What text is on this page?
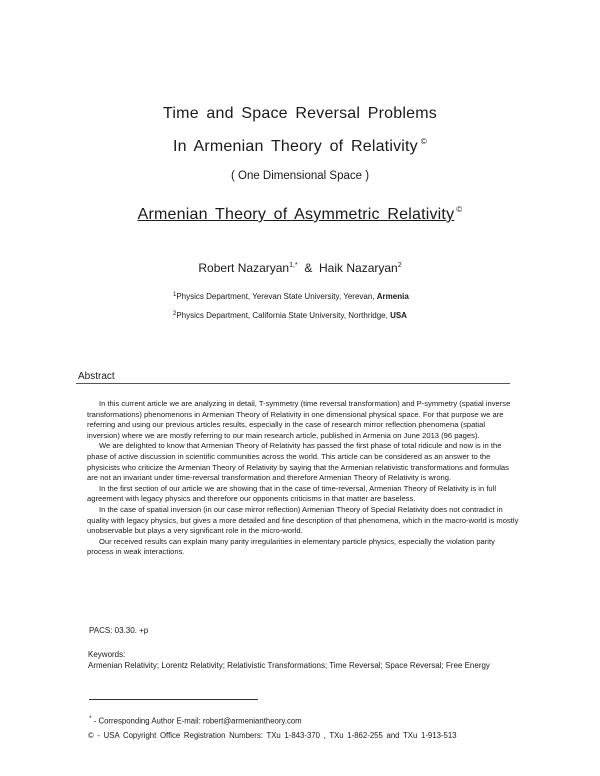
Time and Space Reversal Problems
In Armenian Theory of Relativity ©
( One Dimensional Space )
Armenian Theory of Asymmetric Relativity ©
Robert Nazaryan$^{1,*}$ & Haik Nazaryan$^2$
$^1$Physics Department, Yerevan State University, Yerevan, Armenia
$^2$Physics Department, California State University, Northridge, USA
Abstract

In this current article we are analyzing in detail, T-symmetry (time reversal transformation) and P-symmetry (spatial inverse transformations) phenomenons in Armenian Theory of Relativity in one dimensional physical space. For that purpose we are referring and using our previous articles results, especially in the case of research mirror reflection phenomena (spatial inversion) where we are mostly referring to our main research article, published in Armenia on June 2013 (96 pages).

We are delighted to know that Armenian Theory of Relativity has passed the first phase of total ridicule and now is in the phase of active discussion in scientific communities across the world. This article can be considered as an answer to the physicists who criticize the Armenian Theory of Relativity by saying that the Armenian relativistic transformations and formulas are not an invariant under time-reversal transformation and therefore Armenian Theory of Relativity is wrong.

In the first section of our article we are showing that in the case of time-reversal, Armenian Theory of Relativity is in full agreement with legacy physics and therefore our opponents criticisms in that matter are baseless.

In the case of spatial inversion (in our case mirror reflection) Armenian Theory of Special Relativity does not contradict in quality with legacy physics, but gives a more detailed and fine description of that phenomena, which in the macro-world is mostly unobservable but plays a very significant role in the micro-world.

Our received results can explain many parity irregularities in elementary particle physics, especially the violation parity process in weak interactions.

PACS: 03.30. +p
Keywords:
Armenian Relativity; Lorentz Relativity; Relativistic Transformations; Time Reversal; Space Reversal; Free Energy
* - Corresponding Author E-mail: robert@armeniantheory.com
© - USA Copyright Office Registration Numbers: TXu 1-843-370 , TXu 1-862-255 and TXu 1-913-513
